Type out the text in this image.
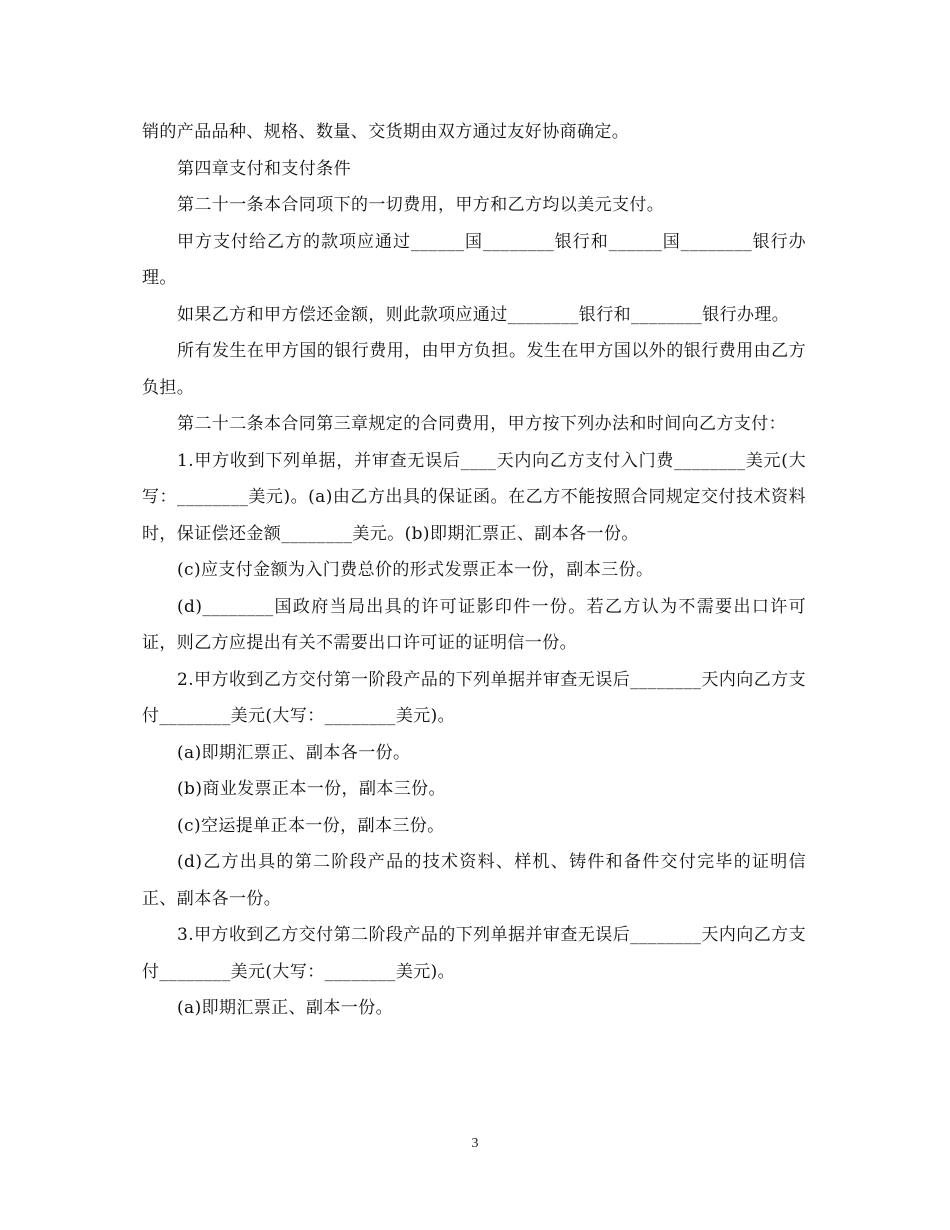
销的产品品种、规格、数量、交货期由双方通过友好协商确定。

第四章支付和支付条件

第二十一条本合同项下的一切费用，甲方和乙方均以美元支付。

甲方支付给乙方的款项应通过______国________银行和______国________银行办理。

如果乙方和甲方偿还金额，则此款项应通过________银行和________银行办理。

所有发生在甲方国的银行费用，由甲方负担。发生在甲方国以外的银行费用由乙方负担。

第二十二条本合同第三章规定的合同费用，甲方按下列办法和时间向乙方支付：

1.甲方收到下列单据，并审查无误后____天内向乙方支付入门费________美元(大写：________美元)。(a)由乙方出具的保证函。在乙方不能按照合同规定交付技术资料时，保证偿还金额________美元。(b)即期汇票正、副本各一份。

(c)应支付金额为入门费总价的形式发票正本一份，副本三份。

(d)________国政府当局出具的许可证影印件一份。若乙方认为不需要出口许可证，则乙方应提出有关不需要出口许可证的证明信一份。

2.甲方收到乙方交付第一阶段产品的下列单据并审查无误后________天内向乙方支付________美元(大写：________美元)。

(a)即期汇票正、副本各一份。

(b)商业发票正本一份，副本三份。

(c)空运提单正本一份，副本三份。

(d)乙方出具的第二阶段产品的技术资料、样机、铸件和备件交付完毕的证明信正、副本各一份。

3.甲方收到乙方交付第二阶段产品的下列单据并审查无误后________天内向乙方支付________美元(大写：________美元)。

(a)即期汇票正、副本一份。

3
